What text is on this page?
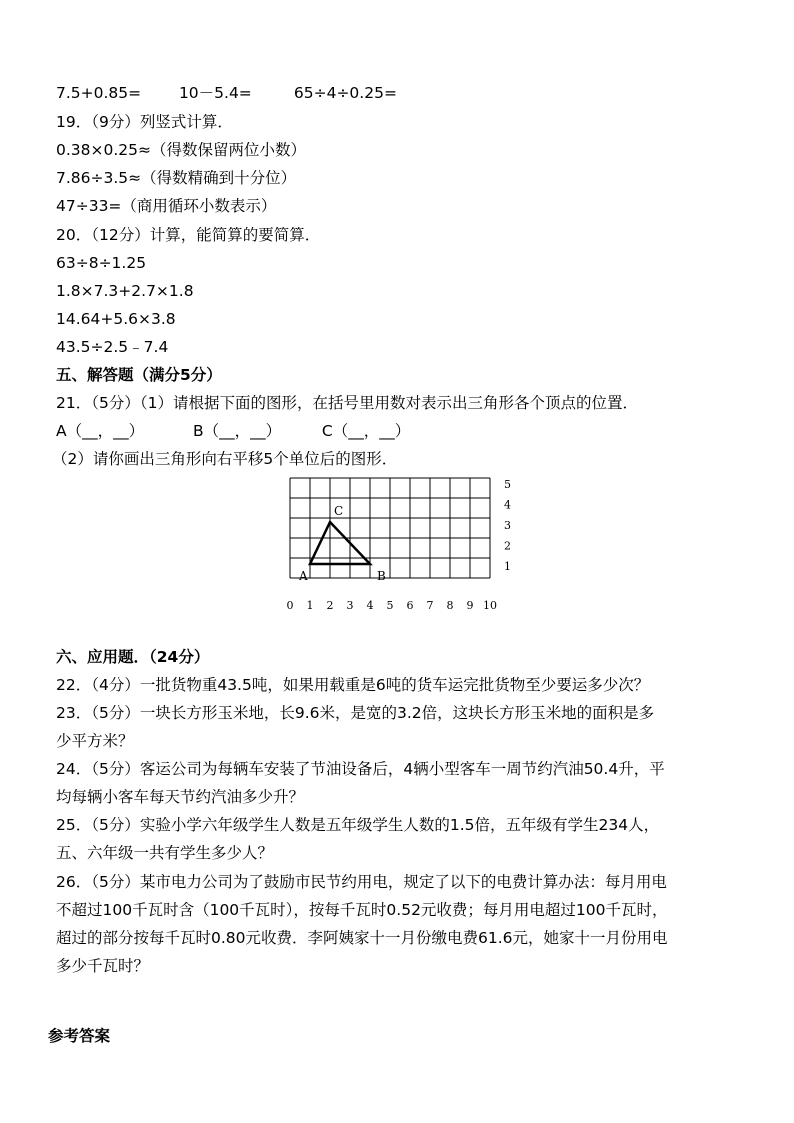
7.5+0.85= 10－5.4=	65÷4÷0.25=
19．（9分）列竖式计算．
0.38×0.25≈（得数保留两位小数）
7.86÷3.5≈（得数精确到十分位）
47÷33=（商用循环小数表示）
20．（12分）计算，能简算的要简算．
63÷8÷1.25
1.8×7.3+2.7×1.8
14.64+5.6×3.8
43.5÷2.5﹣7.4
五、解答题（满分5分）
21．（5分）（1）请根据下面的图形，在括号里用数对表示出三角形各个顶点的位置．
A（__，__）	B（__，__）	C（__，__）
（2）请你画出三角形向右平移5个单位后的图形．
0 1 2 3 4 5 6 7 8 9 10
1
2
3
4
5
A	B
C
六、应用题．（24分）
22．（4分）一批货物重43.5吨，如果用载重是6吨的货车运完批货物至少要运多少次？
23．（5分）一块长方形玉米地，长9.6米，是宽的3.2倍，这块长方形玉米地的面积是多
少平方米？
24．（5分）客运公司为每辆车安装了节油设备后，4辆小型客车一周节约汽油50.4升，平
均每辆小客车每天节约汽油多少升？
25．（5分）实验小学六年级学生人数是五年级学生人数的1.5倍，五年级有学生234人，
五、六年级一共有学生多少人？
26．（5分）某市电力公司为了鼓励市民节约用电，规定了以下的电费计算办法：每月用电
不超过100千瓦时含（100千瓦时），按每千瓦时0.52元收费；每月用电超过100千瓦时，
超过的部分按每千瓦时0.80元收费．李阿姨家十一月份缴电费61.6元，她家十一月份用电
多少千瓦时？
参考答案
